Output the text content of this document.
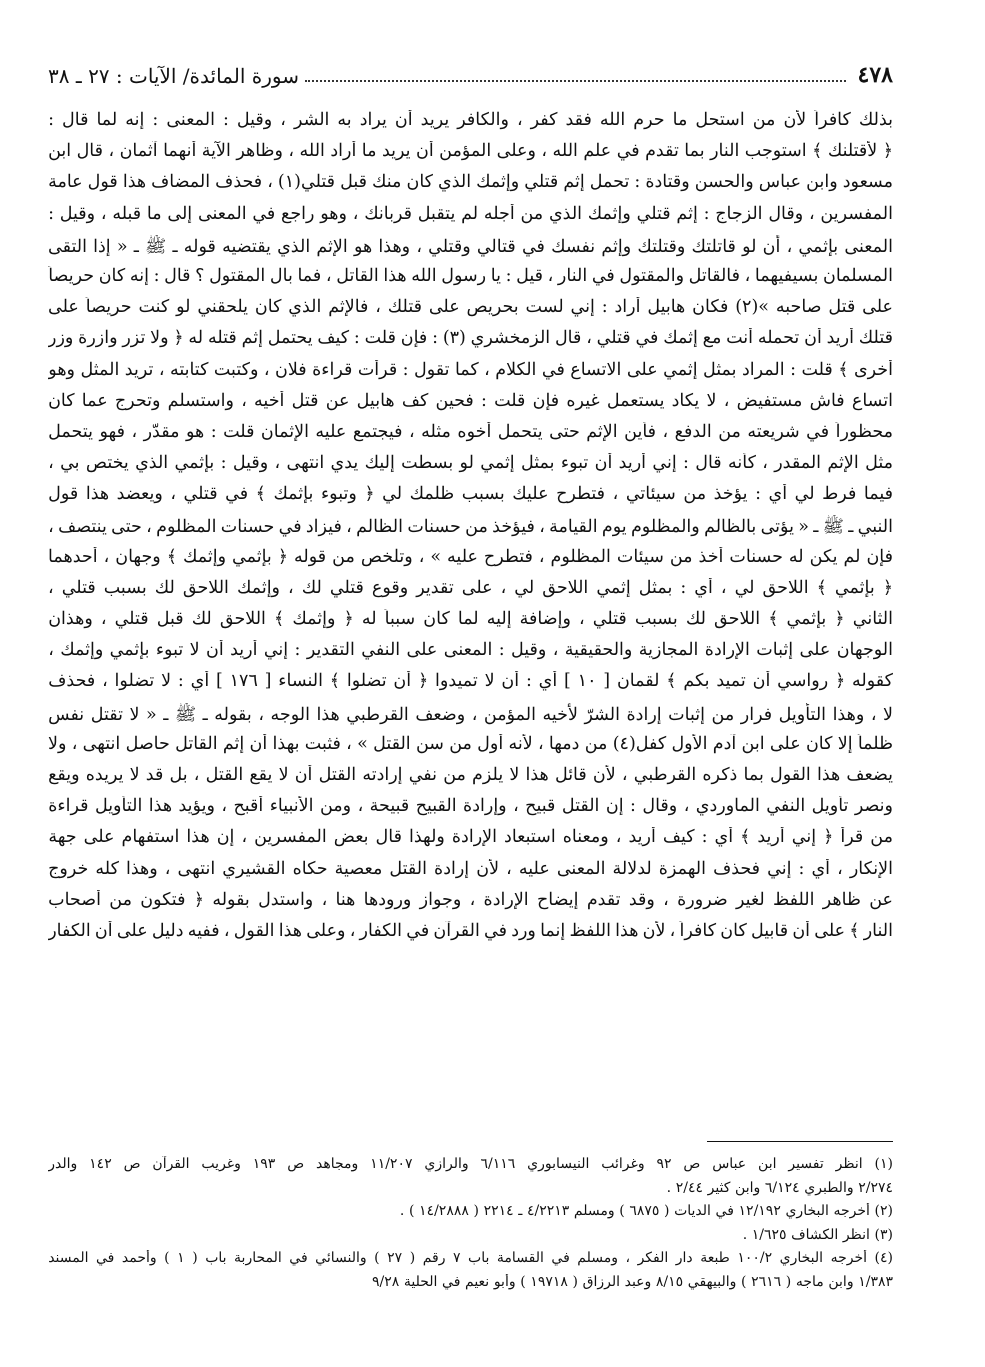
٤٧٨
سورة المائدة/ الآيات : ٢٧ ـ ٣٨
بذلك
كافراً
لأن
من
استحل
ما
حرم
الله
فقد
كفر
،
والكافر
يريد
أن
يراد
به
الشر
،
وقيل
:
المعنى
:
إنه
لما
قال
:
﴿
لأقتلنك
﴾
استوجب
النار
بما
تقدم
في
علم
الله
،
وعلى
المؤمن
أن
يريد
ما
أراد
الله
،
وظاهر
الآية
أنهما
آثمان
،
قال
ابن
مسعود
وابن
عباس
والحسن
وقتادة
:
تحمل
إثم
قتلي
وإثمك
الذي
كان
منك
قبل
قتلي(١)
،
فحذف
المضاف
هذا
قول
عامة
المفسرين
،
وقال
الزجاج
:
إثم
قتلي
وإثمك
الذي
من
أجله
لم
يتقبل
قربانك
،
وهو
راجع
في
المعنى
إلى
ما
قبله
،
وقيل
:
المعنى
بإثمي
،
أن
لو
قاتلتك
وقتلتك
وإثم
نفسك
في
قتالي
وقتلي
،
وهذا
هو
الإثم
الذي
يقتضيه
قوله
ـ
ﷺ
ـ
«
إذا
التقى
المسلمان
بسيفيهما
،
فالقاتل
والمقتول
في
النار
،
قيل
:
يا
رسول
الله
هذا
القاتل
،
فما
بال
المقتول
؟
قال
:
إنه
كان
حريصاً
على
قتل
صاحبه
»(٢)
فكان
هابيل
أراد
:
إني
لست
بحريص
على
قتلك
،
فالإثم
الذي
كان
يلحقني
لو
كنت
حريصاً
على
قتلك
أريد
أن
تحمله
أنت
مع
إثمك
في
قتلي
،
قال
الزمخشري
(٣)
:
فإن
قلت
:
كيف
يحتمل
إثم
قتله
له
﴿
ولا
تزر
وازرة
وزر
أخرى
﴾
قلت
:
المراد
بمثل
إثمي
على
الاتساع
في
الكلام
،
كما
تقول
:
قرأت
قراءة
فلان
،
وكتبت
كتابته
،
تريد
المثل
وهو
اتساع
فاش
مستفيض
،
لا
يكاد
يستعمل
غيره
فإن
قلت
:
فحين
كف
هابيل
عن
قتل
أخيه
،
واستسلم
وتحرج
عما
كان
محظوراً
في
شريعته
من
الدفع
،
فأين
الإثم
حتى
يتحمل
أخوه
مثله
،
فيجتمع
عليه
الإثمان
قلت
:
هو
مقدّر
،
فهو
يتحمل
مثل
الإثم
المقدر
،
كأنه
قال
:
إني
أريد
أن
تبوء
بمثل
إثمي
لو
بسطت
إليك
يدي
انتهى
،
وقيل
:
بإثمي
الذي
يختص
بي
،
فيما
فرط
لي
أي
:
يؤخذ
من
سيئاتي
،
فتطرح
عليك
بسبب
ظلمك
لي
﴿
وتبوء
بإثمك
﴾
في
قتلي
،
ويعضد
هذا
قول
النبي
ـ
ﷺ
ـ
«
يؤتى
بالظالم
والمظلوم
يوم
القيامة
،
فيؤخذ
من
حسنات
الظالم
،
فيزاد
في
حسنات
المظلوم
،
حتى
ينتصف
،
فإن
لم
يكن
له
حسنات
أخذ
من
سيئات
المظلوم
،
فتطرح
عليه
»
،
وتلخص
من
قوله
﴿
بإثمي
وإثمك
﴾
وجهان
،
أحدهما
﴿
بإثمي
﴾
اللاحق
لي
،
أي
:
بمثل
إثمي
اللاحق
لي
،
على
تقدير
وقوع
قتلي
لك
،
وإثمك
اللاحق
لك
بسبب
قتلي
،
الثاني
﴿
بإثمي
﴾
اللاحق
لك
بسبب
قتلي
،
وإضافة
إليه
لما
كان
سبباً
له
﴿
وإثمك
﴾
اللاحق
لك
قبل
قتلي
،
وهذان
الوجهان
على
إثبات
الإرادة
المجازية
والحقيقية
،
وقيل
:
المعنى
على
النفي
التقدير
:
إني
أريد
أن
لا
تبوء
بإثمي
وإثمك
،
كقوله
﴿
رواسي
أن
تميد
بكم
﴾
لقمان
[
١٠
]
أي
:
أن
لا
تميدوا
﴿
أن
تضلوا
﴾
النساء
[
١٧٦
]
أي
:
لا
تضلوا
،
فحذف
لا
،
وهذا
التأويل
فرار
من
إثبات
إرادة
الشرّ
لأخيه
المؤمن
،
وضعف
القرطبي
هذا
الوجه
،
بقوله
ـ
ﷺ
ـ
«
لا
تقتل
نفس
ظلماً
إلا
كان
على
ابن
آدم
الأول
كفل(٤)
من
دمها
،
لأنه
أول
من
سن
القتل
»
،
فثبت
بهذا
أن
إثم
القاتل
حاصل
انتهى
،
ولا
يضعف
هذا
القول
بما
ذكره
القرطبي
،
لأن
قائل
هذا
لا
يلزم
من
نفي
إرادته
القتل
أن
لا
يقع
القتل
،
بل
قد
لا
يريده
ويقع
ونصر
تأويل
النفي
الماوردي
،
وقال
:
إن
القتل
قبيح
،
وإرادة
القبيح
قبيحة
،
ومن
الأنبياء
أقبح
،
ويؤيد
هذا
التأويل
قراءة
من
قرأ
﴿
إني
أريد
﴾
أي
:
كيف
أريد
،
ومعناه
استبعاد
الإرادة
ولهذا
قال
بعض
المفسرين
،
إن
هذا
استفهام
على
جهة
الإنكار
،
أي
:
إني
فحذف
الهمزة
لدلالة
المعنى
عليه
،
لأن
إرادة
القتل
معصية
حكاه
القشيري
انتهى
،
وهذا
كله
خروج
عن
ظاهر
اللفظ
لغير
ضرورة
،
وقد
تقدم
إيضاح
الإرادة
،
وجواز
ورودها
هنا
،
واستدل
بقوله
﴿
فتكون
من
أصحاب
النار
﴾
على
أن
قابيل
كان
كافراً
،
لأن
هذا
اللفظ
إنما
ورد
في
القرآن
في
الكفار
،
وعلى
هذا
القول
،
ففيه
دليل
على
أن
الكفار
(١)
انظر
تفسير
ابن
عباس
ص
٩٢
وغرائب
النيسابوري
٦/١١٦
والرازي
١١/٢٠٧
ومجاهد
ص
١٩٣
وغريب
القرآن
ص
١٤٢
والدر
٢/٢٧٤
والطبري
٦/١٢٤
وابن
كثير
٢/٤٤
.
(٢)
أخرجه
البخاري
١٢/١٩٢
في
الديات
(
٦٨٧٥
)
ومسلم
٤/٢٢١٣
ـ
٢٢١٤
(
١٤/٢٨٨٨
)
.
(٣)
انظر
الكشاف
١/٦٢٥
.
(٤)
أخرجه
البخاري
١٠٠/٢
طبعة
دار
الفكر
،
ومسلم
في
القسامة
باب
٧
رقم
(
٢٧
)
والنسائي
في
المحاربة
باب
(
١
)
وأحمد
في
المسند
١/٣٨٣
وابن
ماجه
(
٢٦١٦
)
والبيهقي
٨/١٥
وعبد
الرزاق
(
١٩٧١٨
)
وأبو
نعيم
في
الحلية
٩/٢٨
